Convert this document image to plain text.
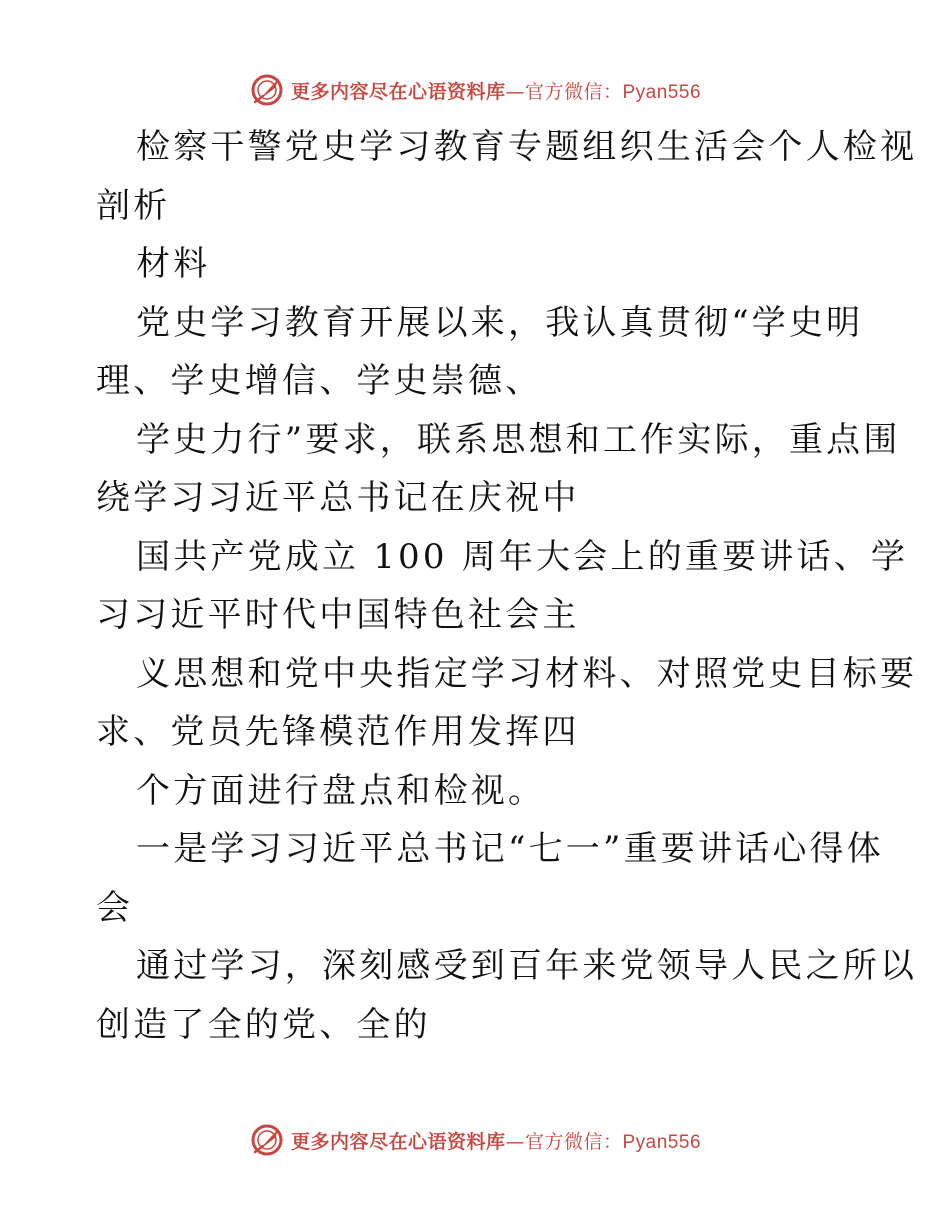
更多内容尽在心语资料库—官方微信：Pyan556
检察干警党史学习教育专题组织生活会个人检视
剖析
材料
党史学习教育开展以来，我认真贯彻“学史明
理、学史增信、学史崇德、
学史力行”要求，联系思想和工作实际，重点围
绕学习习近平总书记在庆祝中
国共产党成立 100 周年大会上的重要讲话、学
习习近平时代中国特色社会主
义思想和党中央指定学习材料、对照党史目标要
求、党员先锋模范作用发挥四
个方面进行盘点和检视。
一是学习习近平总书记“七一”重要讲话心得体
会
通过学习，深刻感受到百年来党领导人民之所以
创造了全的党、全的
更多内容尽在心语资料库—官方微信：Pyan556
